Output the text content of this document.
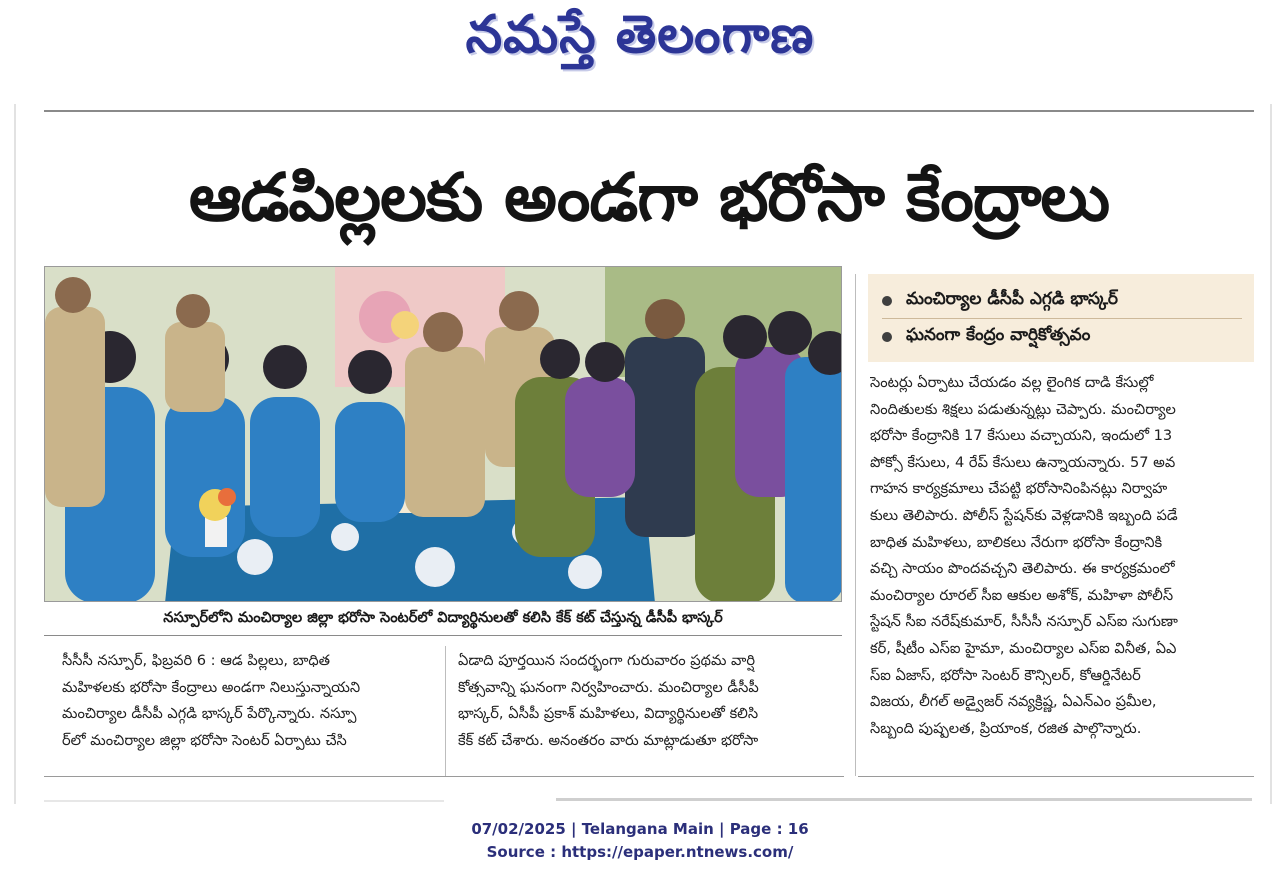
నమస్తే తెలంగాణ
ఆడపిల్లలకు అండగా భరోసా కేంద్రాలు
నస్పూర్‌లోని మంచిర్యాల జిల్లా భరోసా సెంటర్‌లో విద్యార్థినులతో కలిసి కేక్ కట్ చేస్తున్న డీసీపీ భాస్కర్
మంచిర్యాల డీసీపీ ఎగ్గడి భాస్కర్
ఘనంగా కేంద్రం వార్షికోత్సవం
సీసీసీ నస్పూర్, ఫిబ్రవరి 6 : ఆడ పిల్లలు, బాధిత
మహిళలకు భరోసా కేంద్రాలు అండగా నిలుస్తున్నాయని
మంచిర్యాల డీసీపీ ఎగ్గడి భాస్కర్ పేర్కొన్నారు. నస్పూ
ర్‌లో మంచిర్యాల జిల్లా భరోసా సెంటర్ ఏర్పాటు చేసి
ఏడాది పూర్తయిన సందర్భంగా గురువారం ప్రథమ వార్షి
కోత్సవాన్ని ఘనంగా నిర్వహించారు. మంచిర్యాల డీసీపీ
భాస్కర్, ఏసీపీ ప్రకాశ్ మహిళలు, విద్యార్థినులతో కలిసి
కేక్ కట్ చేశారు. అనంతరం వారు మాట్లాడుతూ భరోసా
సెంటర్లు ఏర్పాటు చేయడం వల్ల లైంగిక దాడి కేసుల్లో
నిందితులకు శిక్షలు పడుతున్నట్లు చెప్పారు. మంచిర్యాల
భరోసా కేంద్రానికి 17 కేసులు వచ్చాయని, ఇందులో 13
పోక్సో కేసులు, 4 రేప్ కేసులు ఉన్నాయన్నారు. 57 అవ
గాహన కార్యక్రమాలు చేపట్టి భరోసానింపినట్లు నిర్వాహ
కులు తెలిపారు. పోలీస్ స్టేషన్‌కు వెళ్లడానికి ఇబ్బంది పడే
బాధిత మహిళలు, బాలికలు నేరుగా భరోసా కేంద్రానికి
వచ్చి సాయం పొందవచ్చని తెలిపారు. ఈ కార్యక్రమంలో
మంచిర్యాల రూరల్ సీఐ ఆకుల అశోక్, మహిళా పోలీస్
స్టేషన్ సీఐ నరేష్‌కుమార్, సీసీసీ నస్పూర్ ఎస్ఐ సుగుణా
కర్, షీటీం ఎస్ఐ హైమా, మంచిర్యాల ఎస్ఐ వినీత, ఏఎ
స్ఐ ఏజాస్, భరోసా సెంటర్ కౌన్సిలర్, కోఆర్డినేటర్
విజయ, లీగల్ అడ్వైజర్ నవ్యక్రిష్ణ, ఏఎన్ఎం ప్రమీల,
సిబ్బంది పుష్పలత, ప్రియాంక, రజిత పాల్గొన్నారు.
07/02/2025 | Telangana Main | Page : 16
Source : https://epaper.ntnews.com/
